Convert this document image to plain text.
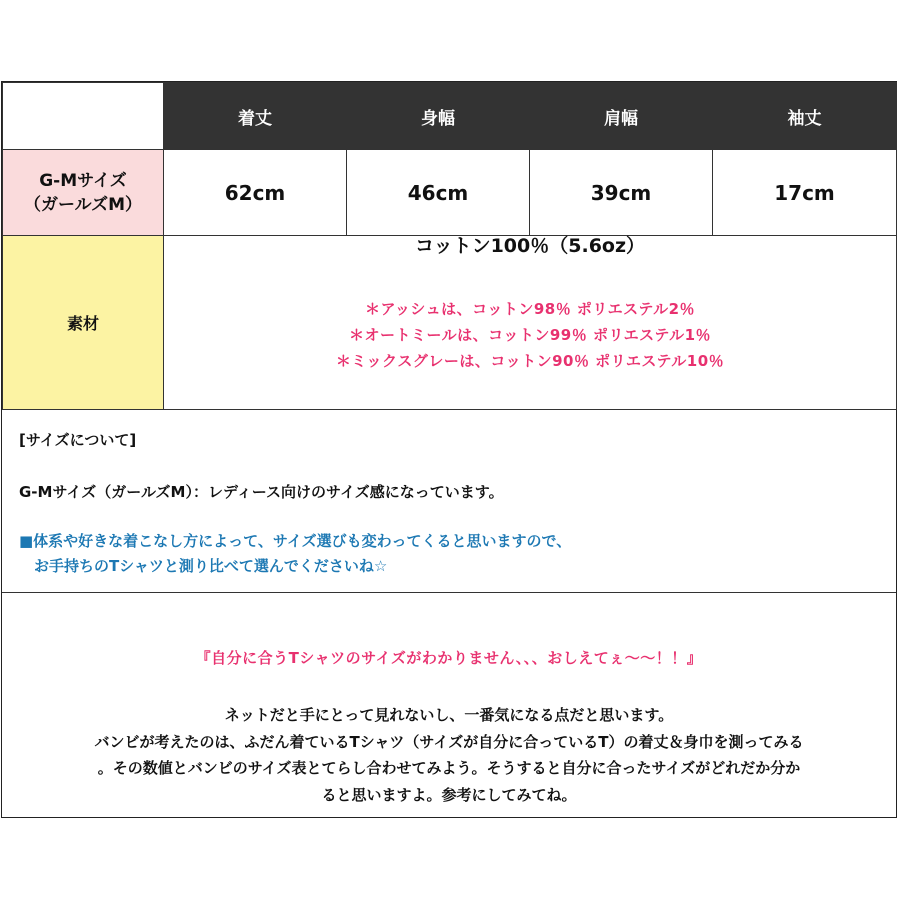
	着丈	身幅	肩幅	袖丈

G-Mサイズ
（ガールズM）	62cm	46cm	39cm	17cm
素材	コットン100％（5.6oz）
＊アッシュは、コットン98％ ポリエステル2％
＊オートミールは、コットン99％ ポリエステル1％
＊ミックスグレーは、コットン90％ ポリエステル10％			
[サイズについて]
G-Mサイズ（ガールズM）：レディース向けのサイズ感になっています。
■体系や好きな着こなし方によって、サイズ選びも変わってくると思いますので、
　お手持ちのTシャツと測り比べて選んでくださいね☆
『自分に合うTシャツのサイズがわかりません、、、おしえてぇ～～！！』
ネットだと手にとって見れないし、一番気になる点だと思います。
バンビが考えたのは、ふだん着ているTシャツ（サイズが自分に合っているT）の着丈＆身巾を測ってみる
。その数値とバンビのサイズ表とてらし合わせてみよう。そうすると自分に合ったサイズがどれだか分か
ると思いますよ。参考にしてみてね。
